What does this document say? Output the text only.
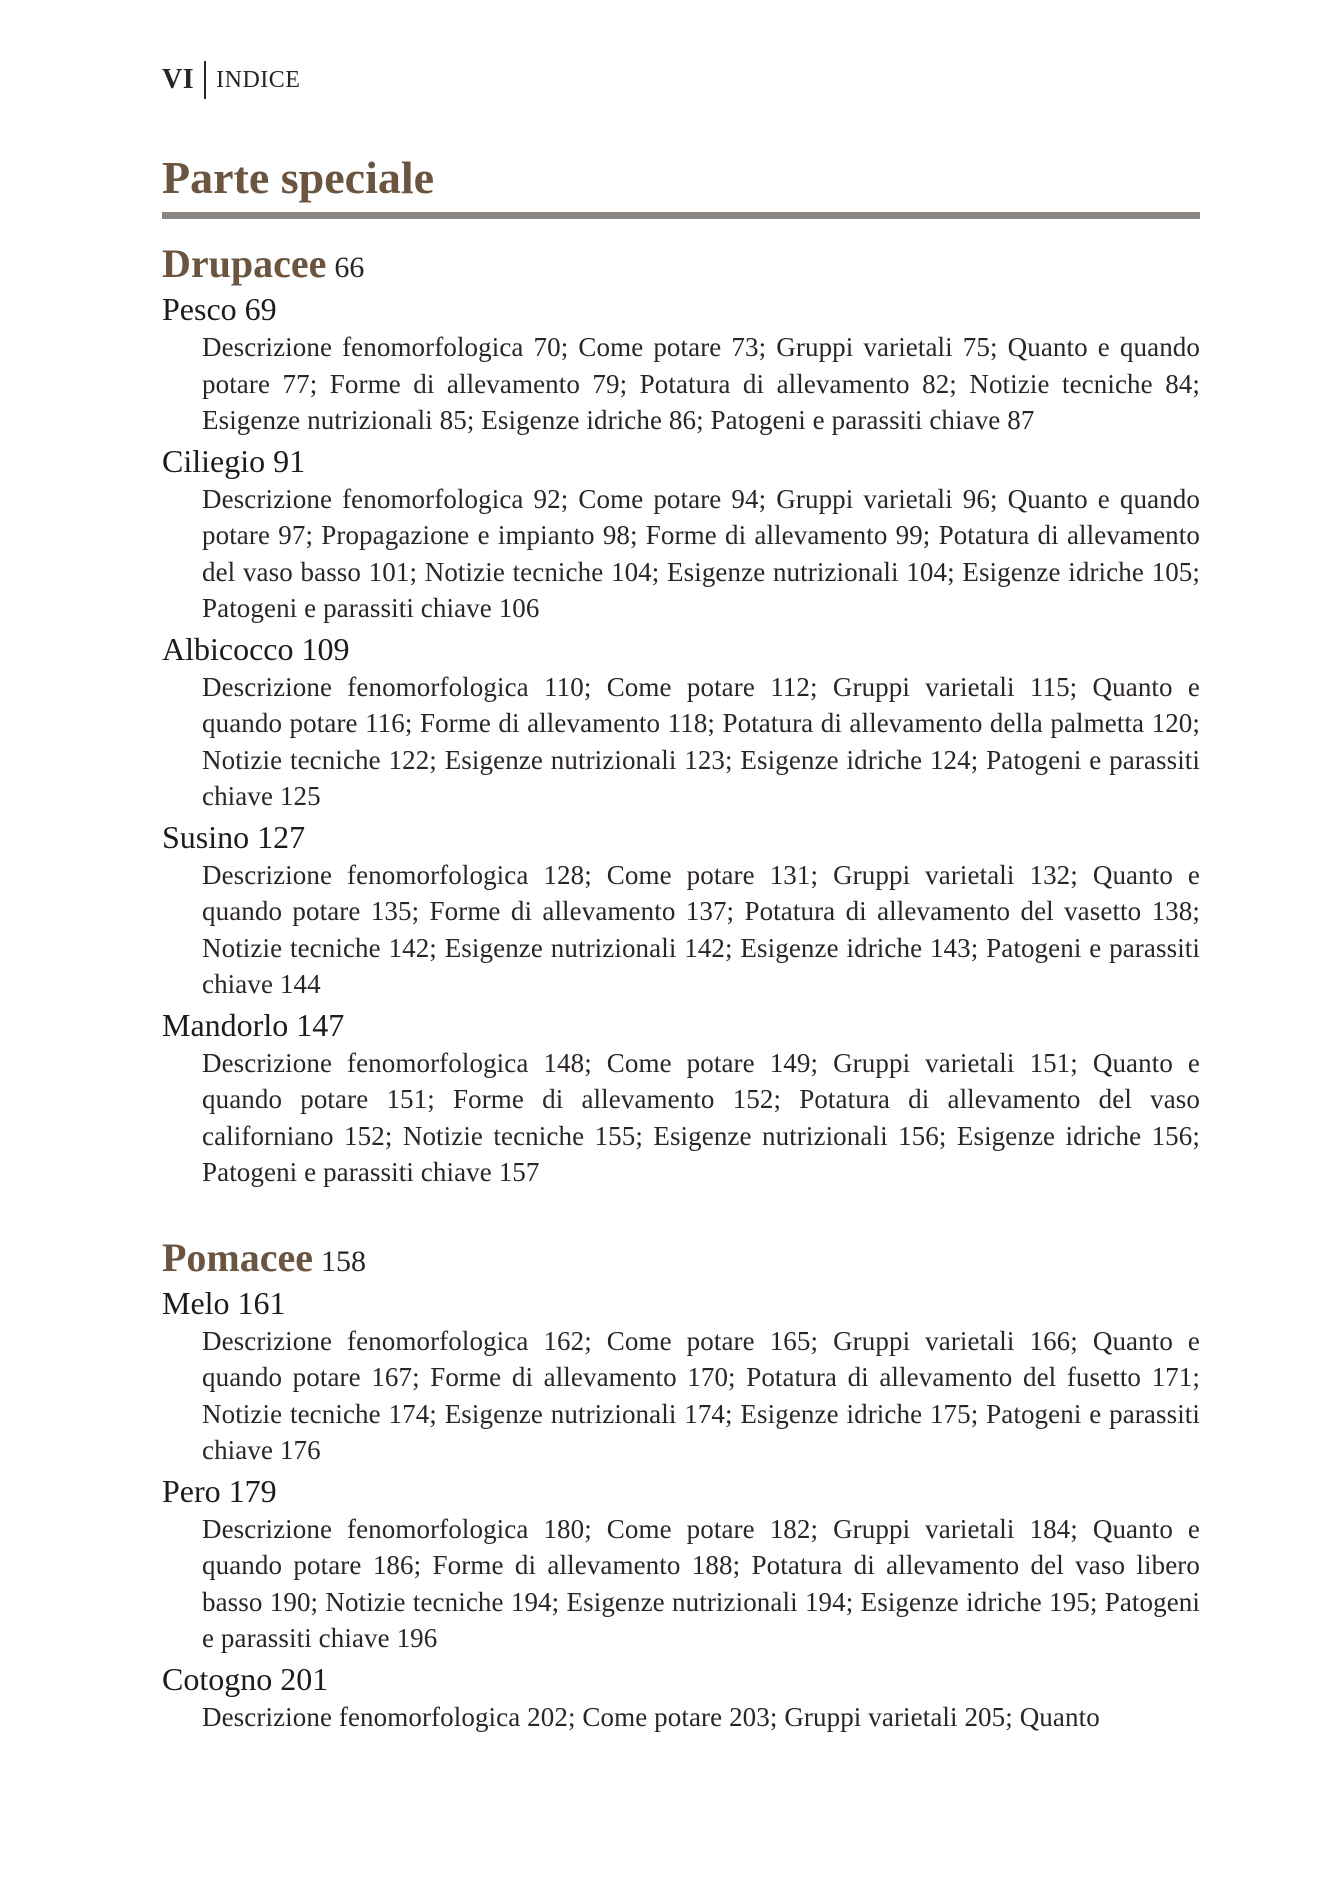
VI INDICE
Parte speciale
Drupacee 66
Pesco 69
Descrizione fenomorfologica 70; Come potare 73; Gruppi varietali 75; Quanto e quando potare 77; Forme di allevamento 79; Potatura di allevamento 82; Notizie tecniche 84; Esigenze nutrizionali 85; Esigenze idriche 86; Patogeni e parassiti chiave 87
Ciliegio 91
Descrizione fenomorfologica 92; Come potare 94; Gruppi varietali 96; Quanto e quando potare 97; Propagazione e impianto 98; Forme di allevamento 99; Potatura di allevamento del vaso basso 101; Notizie tecniche 104; Esigenze nutrizionali 104; Esigenze idriche 105; Patogeni e parassiti chiave 106
Albicocco 109
Descrizione fenomorfologica 110; Come potare 112; Gruppi varietali 115; Quanto e quando potare 116; Forme di allevamento 118; Potatura di allevamento della palmetta 120; Notizie tecniche 122; Esigenze nutrizionali 123; Esigenze idriche 124; Patogeni e parassiti chiave 125
Susino 127
Descrizione fenomorfologica 128; Come potare 131; Gruppi varietali 132; Quanto e quando potare 135; Forme di allevamento 137; Potatura di allevamento del vasetto 138; Notizie tecniche 142; Esigenze nutrizionali 142; Esigenze idriche 143; Patogeni e parassiti chiave 144
Mandorlo 147
Descrizione fenomorfologica 148; Come potare 149; Gruppi varietali 151; Quanto e quando potare 151; Forme di allevamento 152; Potatura di allevamento del vaso californiano 152; Notizie tecniche 155; Esigenze nutrizionali 156; Esigenze idriche 156; Patogeni e parassiti chiave 157
Pomacee 158
Melo 161
Descrizione fenomorfologica 162; Come potare 165; Gruppi varietali 166; Quanto e quando potare 167; Forme di allevamento 170; Potatura di allevamento del fusetto 171; Notizie tecniche 174; Esigenze nutrizionali 174; Esigenze idriche 175; Patogeni e parassiti chiave 176
Pero 179
Descrizione fenomorfologica 180; Come potare 182; Gruppi varietali 184; Quanto e quando potare 186; Forme di allevamento 188; Potatura di allevamento del vaso libero basso 190; Notizie tecniche 194; Esigenze nutrizionali 194; Esigenze idriche 195; Patogeni e parassiti chiave 196
Cotogno 201
Descrizione fenomorfologica 202; Come potare 203; Gruppi varietali 205; Quanto
